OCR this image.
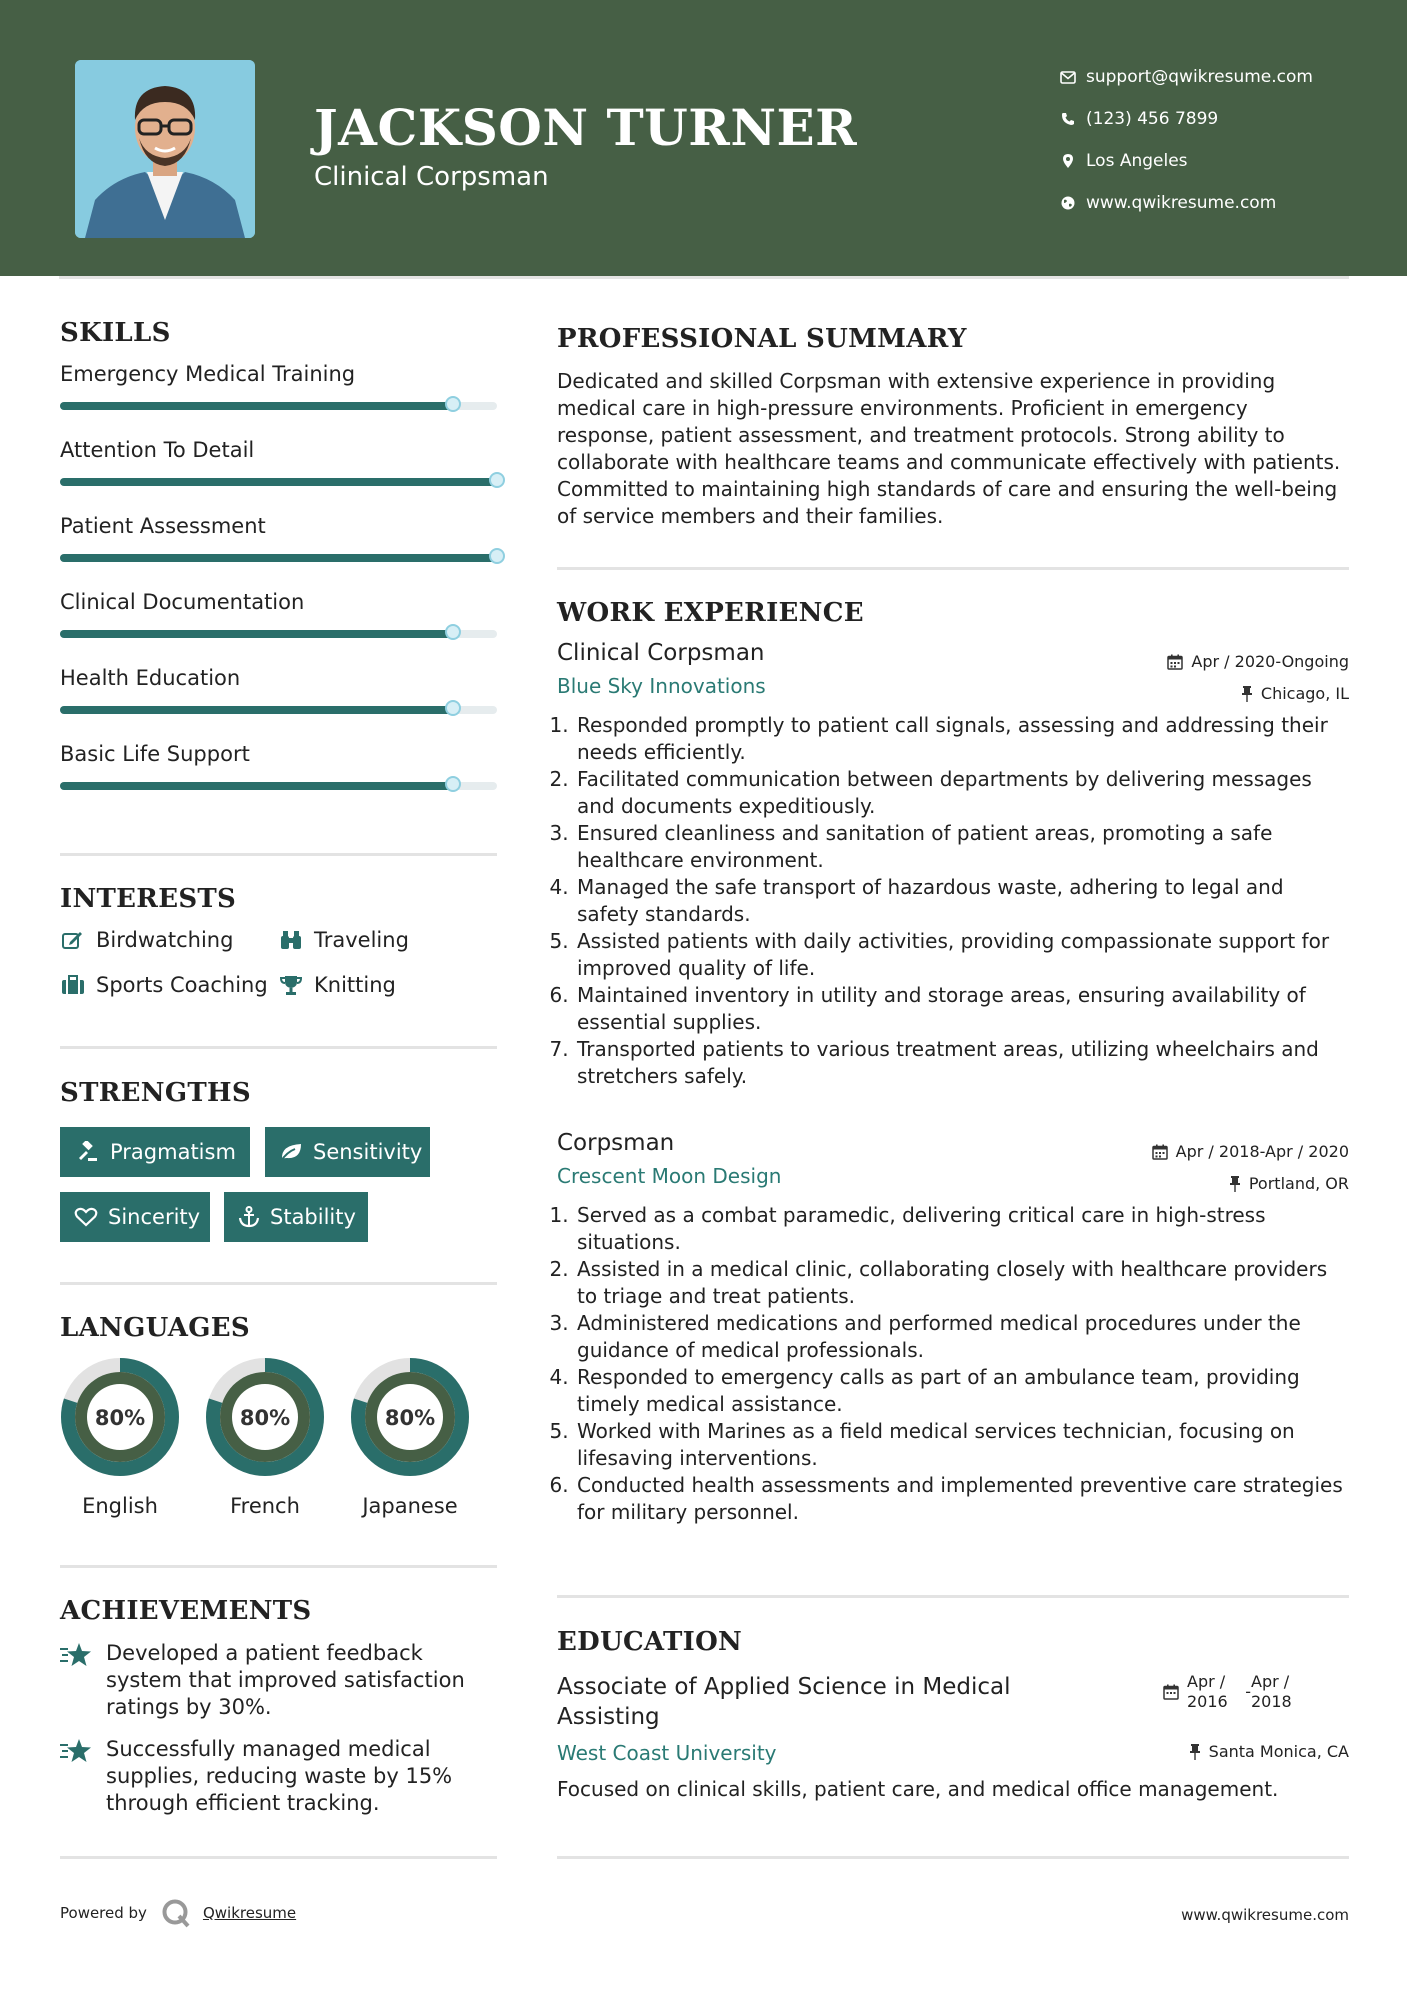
JACKSON TURNER
Clinical Corpsman
support@qwikresume.com
(123) 456 7899
Los Angeles
www.qwikresume.com
SKILLS
Emergency Medical Training
Attention To Detail
Patient Assessment
Clinical Documentation
Health Education
Basic Life Support
INTERESTS
Birdwatching	Traveling
Sports Coaching Knitting
STRENGTHS
Pragmatism	Sensitivity
Sincerity	Stability
LANGUAGES
80%
English
80%
French
80%
Japanese
ACHIEVEMENTS
Developed a patient feedback system that improved satisfaction ratings by 30%.
Successfully managed medical supplies, reducing waste by 15% through efficient tracking.
PROFESSIONAL SUMMARY
Dedicated and skilled Corpsman with extensive experience in providing medical care in high-pressure environments. Proficient in emergency response, patient assessment, and treatment protocols. Strong ability to collaborate with healthcare teams and communicate effectively with patients. Committed to maintaining high standards of care and ensuring the well-being of service members and their families.
WORK EXPERIENCE
Clinical Corpsman	Apr / 2020-Ongoing
Blue Sky Innovations	Chicago, IL
1. Responded promptly to patient call signals, assessing and addressing their needs efficiently.
2. Facilitated communication between departments by delivering messages and documents expeditiously.
3. Ensured cleanliness and sanitation of patient areas, promoting a safe healthcare environment.
4. Managed the safe transport of hazardous waste, adhering to legal and safety standards.
5. Assisted patients with daily activities, providing compassionate support for improved quality of life.
6. Maintained inventory in utility and storage areas, ensuring availability of essential supplies.
7. Transported patients to various treatment areas, utilizing wheelchairs and stretchers safely.
Corpsman	Apr / 2018-Apr / 2020
Crescent Moon Design	Portland, OR
1. Served as a combat paramedic, delivering critical care in high-stress situations.
2. Assisted in a medical clinic, collaborating closely with healthcare providers to triage and treat patients.
3. Administered medications and performed medical procedures under the guidance of medical professionals.
4. Responded to emergency calls as part of an ambulance team, providing timely medical assistance.
5. Worked with Marines as a field medical services technician, focusing on lifesaving interventions.
6. Conducted health assessments and implemented preventive care strategies for military personnel.
EDUCATION
Associate of Applied Science in Medical Assisting
Apr / 2016
-
Apr / 2018
West Coast University	Santa Monica, CA
Focused on clinical skills, patient care, and medical office management.
Powered by	Qwikresume	www.qwikresume.com
